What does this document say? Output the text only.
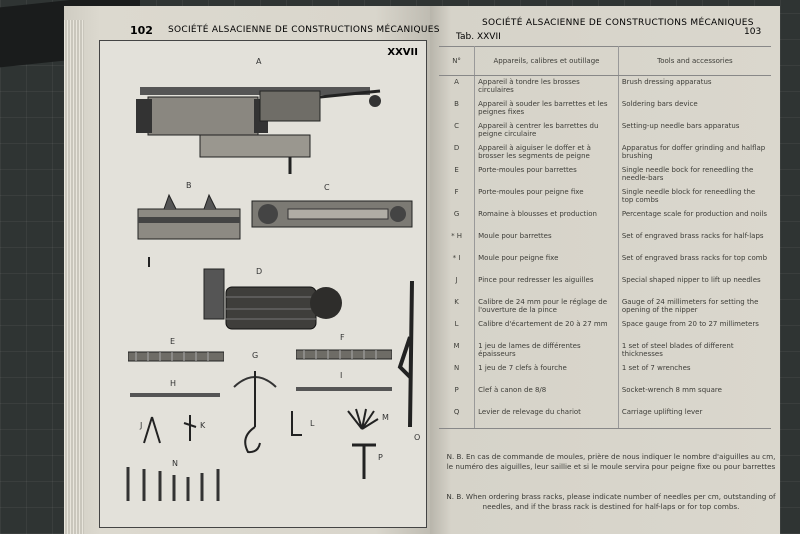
102 SOCIÉTÉ ALSACIENNE DE CONSTRUCTIONS MÉCANIQUES
XXVII
A
B	C
D
E	F
G
H
I
J	K	L
M
N
O
P
SOCIÉTÉ ALSACIENNE DE CONSTRUCTIONS MÉCANIQUES
103
Tab. XXVII
N°	Appareils, calibres et outillage	Tools and accessories
A	Appareil à tondre les brosses circulaires	Brush dressing apparatus
B	Appareil à souder les barrettes et les peignes fixes	Soldering bars device
C	Appareil à centrer les barrettes du peigne circulaire	Setting-up needle bars apparatus
D	Appareil à aiguiser le doffer et à brosser les segments de peigne	Apparatus for doffer grinding and halflap brushing
E	Porte-moules pour barrettes	Single needle bock for reneedling the needle-bars
F	Porte-moules pour peigne fixe	Single needle block for reneedling the top combs
G	Romaine à blousses et production	Percentage scale for production and noils
* H	Moule pour barrettes	Set of engraved brass racks for half-laps
* I	Moule pour peigne fixe	Set of engraved brass racks for top comb
J	Pince pour redresser les aiguilles	Special shaped nipper to lift up needles
K	Calibre de 24 mm pour le réglage de l'ouverture de la pince	Gauge of 24 millimeters for setting the opening of the nipper
L	Calibre d'écartement de 20 à 27 mm	Space gauge from 20 to 27 millimeters
M	1 jeu de lames de différentes épaisseurs	1 set of steel blades of different thicknesses
N	1 jeu de 7 clefs à fourche	1 set of 7 wrenches
P	Clef à canon de 8/8	Socket-wrench 8 mm square
Q	Levier de relevage du chariot	Carriage uplifting lever
N. B. En cas de commande de moules, prière de nous indiquer le nombre d'aiguilles au cm, le numéro des aiguilles, leur saillie et si le moule servira pour peigne fixe ou pour barrettes
N. B. When ordering brass racks, please indicate number of needles per cm, outstanding of needles, and if the brass rack is destined for half-laps or for top combs.
